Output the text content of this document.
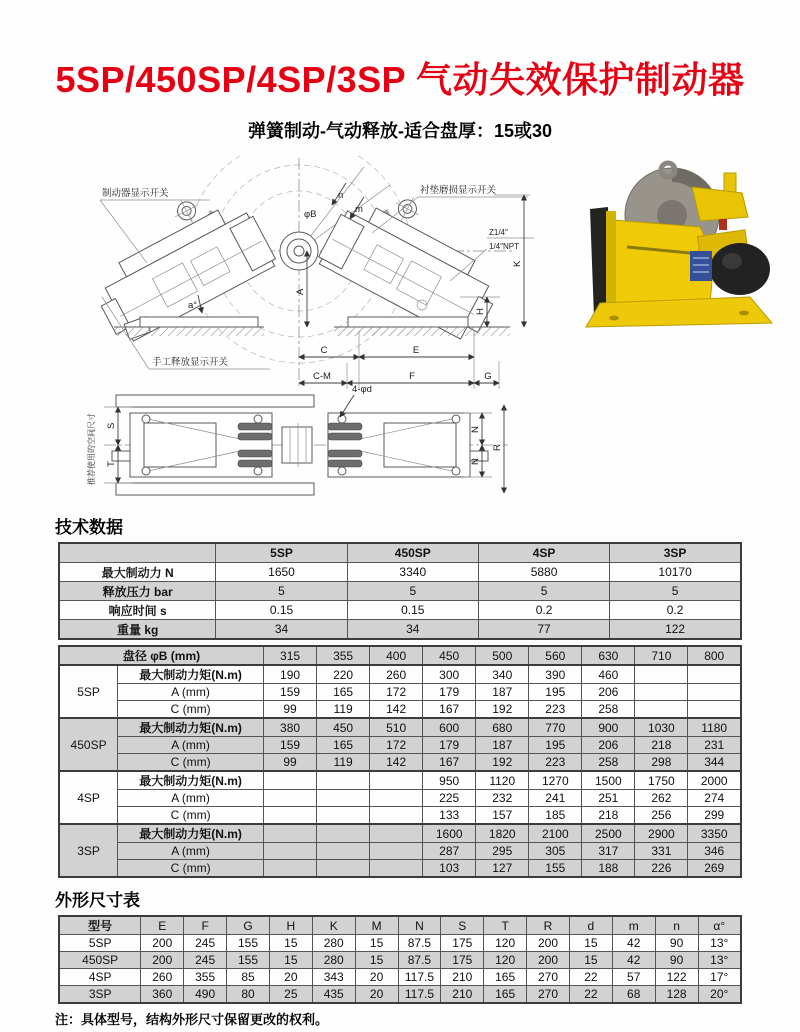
5SP/450SP/4SP/3SP 气动失效保护制动器
弹簧制动-气动释放-适合盘厚：15或30
制动器显示开关	衬垫磨损显示开关
手工释放显示开关
Z1/4″
1/4″NPT
φB
n
m
A
K
H
a°
C	E
C-M	F	G
4-φd
S
T
推荐使用的空间尺寸	N
N
R
技术数据
	5SP	450SP	4SP	3SP
最大制动力 N	1650	3340	5880	10170
释放压力 bar	5	5	5	5
响应时间 s	0.15	0.15	0.2	0.2
重量 kg	34	34	77	122
盘径 φB (mm)		315	355	400	450	500	560	630	710	800
5SP	最大制动力矩(N.m)	190	220	260	300	340	390	460		
	A (mm)	159	165	172	179	187	195	206		
	C (mm)	99	119	142	167	192	223	258		
450SP	最大制动力矩(N.m)	380	450	510	600	680	770	900	1030	1180
	A (mm)	159	165	172	179	187	195	206	218	231
	C (mm)	99	119	142	167	192	223	258	298	344
4SP	最大制动力矩(N.m)				950	1120	1270	1500	1750	2000
	A (mm)				225	232	241	251	262	274
	C (mm)				133	157	185	218	256	299
3SP	最大制动力矩(N.m)				1600	1820	2100	2500	2900	3350
	A (mm)				287	295	305	317	331	346
	C (mm)				103	127	155	188	226	269
外形尺寸表
型号	E	F	G	H	K	M	N	S	T	R	d	m	n	α°
5SP	200	245	155	15	280	15	87.5	175	120	200	15	42	90	13°
450SP	200	245	155	15	280	15	87.5	175	120	200	15	42	90	13°
4SP	260	355	85	20	343	20	117.5	210	165	270	22	57	122	17°
3SP	360	490	80	25	435	20	117.5	210	165	270	22	68	128	20°
注：具体型号，结构外形尺寸保留更改的权利。
